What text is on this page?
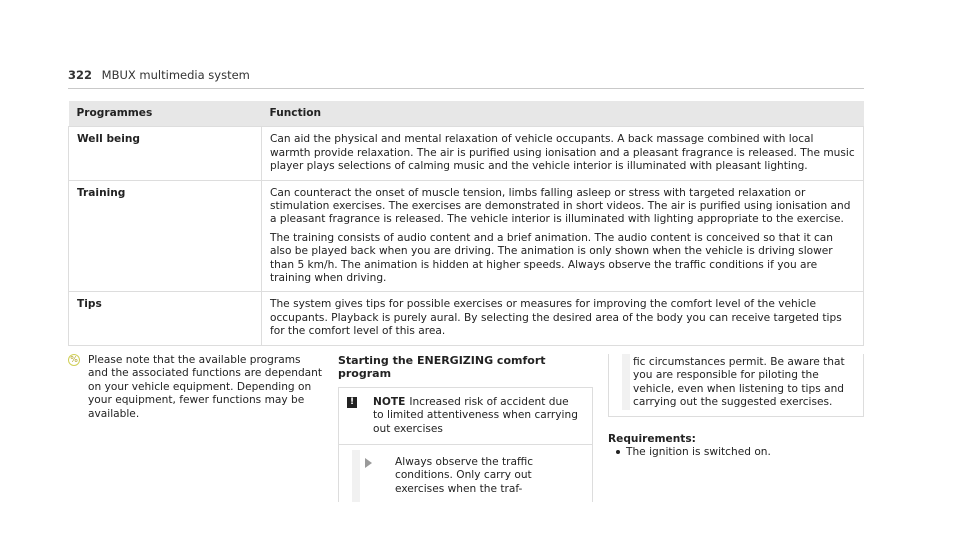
322 MBUX multimedia system
Programmes	Function
Well being	Can aid the physical and mental relaxation of vehicle occupants. A back massage combined with local warmth provide relaxation. The air is purified using ionisation and a pleasant fragrance is released. The music player plays selections of calming music and the vehicle interior is illuminated with pleasant lighting.

Training	Can counteract the onset of muscle tension, limbs falling asleep or stress with targeted relaxation or stimulation exercises. The exercises are demonstrated in short videos. The air is purified using ionisation and a pleasant fragrance is released. The vehicle interior is illuminated with lighting appropriate to the exercise.

The training consists of audio content and a brief animation. The audio content is conceived so that it can also be played back when you are driving. The animation is only shown when the vehicle is driving slower than 5 km/h. The animation is hidden at higher speeds. Always observe the traffic conditions if you are training when driving.

Tips	The system gives tips for possible exercises or measures for improving the comfort level of the vehicle occupants. Playback is purely aural. By selecting the desired area of the body you can receive targeted tips for the comfort level of this area.

% Please note that the available programs and the associated functions are dependant on your vehicle equipment. Depending on your equipment, fewer functions may be available.
Starting the ENERGIZING comfort program
! NOTE Increased risk of accident due to limited attentiveness when carrying out exercises
Always observe the traffic conditions. Only carry out exercises when the traf-
fic circumstances permit. Be aware that you are responsible for piloting the vehicle, even when listening to tips and carrying out the suggested exercises.
Requirements:
The ignition is switched on.
